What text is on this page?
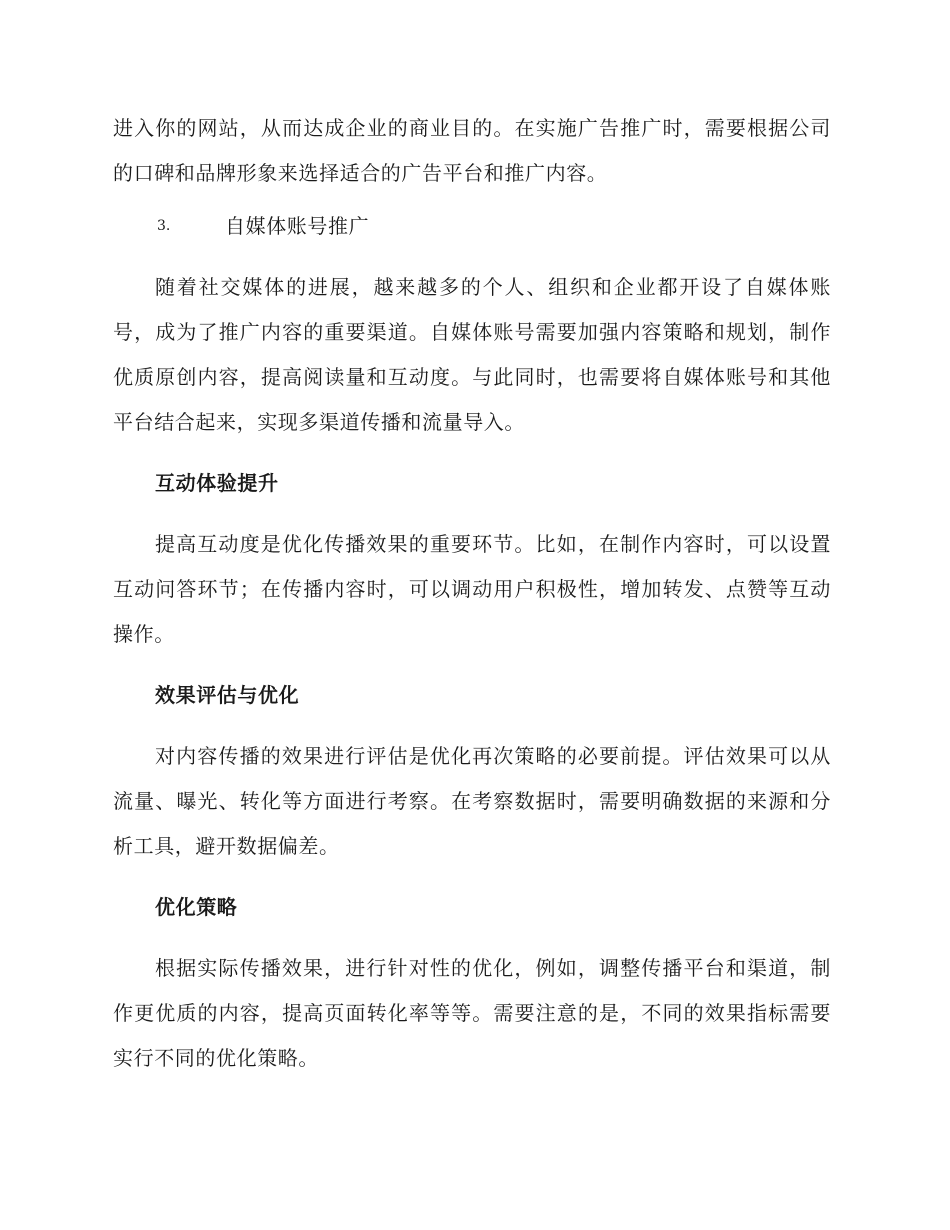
进入你的网站，从而达成企业的商业目的。在实施广告推广时，需要根据公司的口碑和品牌形象来选择适合的广告平台和推广内容。

3.	自媒体账号推广

随着社交媒体的进展，越来越多的个人、组织和企业都开设了自媒体账号，成为了推广内容的重要渠道。自媒体账号需要加强内容策略和规划，制作优质原创内容，提高阅读量和互动度。与此同时，也需要将自媒体账号和其他平台结合起来，实现多渠道传播和流量导入。

互动体验提升

提高互动度是优化传播效果的重要环节。比如，在制作内容时，可以设置互动问答环节；在传播内容时，可以调动用户积极性，增加转发、点赞等互动操作。

效果评估与优化

对内容传播的效果进行评估是优化再次策略的必要前提。评估效果可以从流量、曝光、转化等方面进行考察。在考察数据时，需要明确数据的来源和分析工具，避开数据偏差。

优化策略

根据实际传播效果，进行针对性的优化，例如，调整传播平台和渠道，制作更优质的内容，提高页面转化率等等。需要注意的是，不同的效果指标需要实行不同的优化策略。
